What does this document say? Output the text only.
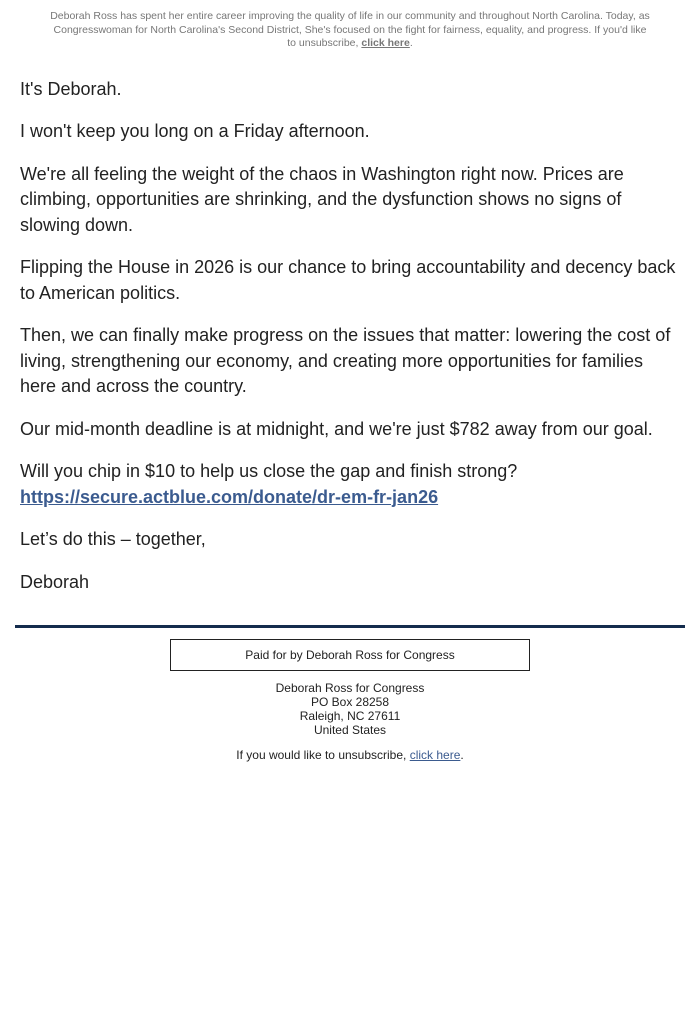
Deborah Ross has spent her entire career improving the quality of life in our community and throughout North Carolina. Today, as Congresswoman for North Carolina's Second District, She's focused on the fight for fairness, equality, and progress. If you'd like to unsubscribe, click here.

It's Deborah.

I won't keep you long on a Friday afternoon.

We're all feeling the weight of the chaos in Washington right now. Prices are climbing, opportunities are shrinking, and the dysfunction shows no signs of slowing down.

Flipping the House in 2026 is our chance to bring accountability and decency back to American politics.

Then, we can finally make progress on the issues that matter: lowering the cost of living, strengthening our economy, and creating more opportunities for families here and across the country.

Our mid-month deadline is at midnight, and we're just $782 away from our goal.

Will you chip in $10 to help us close the gap and finish strong?
https://secure.actblue.com/donate/dr-em-fr-jan26

Let’s do this – together,

Deborah

Paid for by Deborah Ross for Congress
Deborah Ross for Congress
PO Box 28258
Raleigh, NC 27611
United States
If you would like to unsubscribe, click here.
